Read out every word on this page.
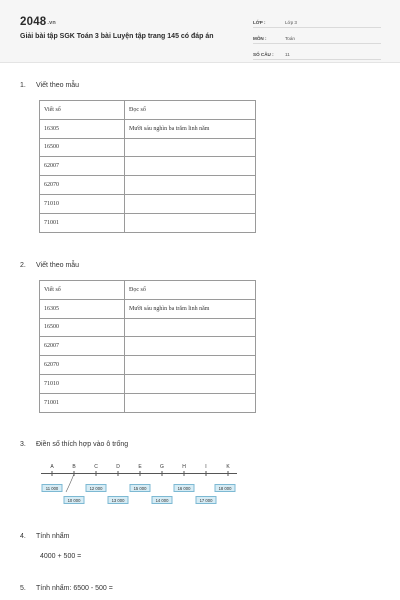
2048.vn
Giải bài tập SGK Toán 3 bài Luyện tập trang 145 có đáp án
LỚP :	Lớp 3
MÔN :	Toán
SỐ CÂU :	11
1. Viết theo mẫu
Viết số	Đọc số
16305	Mười sáu nghìn ba trăm linh năm
16500	
62007	
62070	
71010	
71001	
2. Viết theo mẫu
Viết số	Đọc số
16305	Mười sáu nghìn ba trăm linh năm
16500	
62007	
62070	
71010	
71001	
3. Điền số thích hợp vào ô trống
A	B	C	D	E	G	H	I	K
11 000	12 000	15 000	16 000	18 000
10 000	13 000	14 000	17 000
4. Tính nhẩm
4000 + 500 =
5. Tính nhẩm: 6500 - 500 =
